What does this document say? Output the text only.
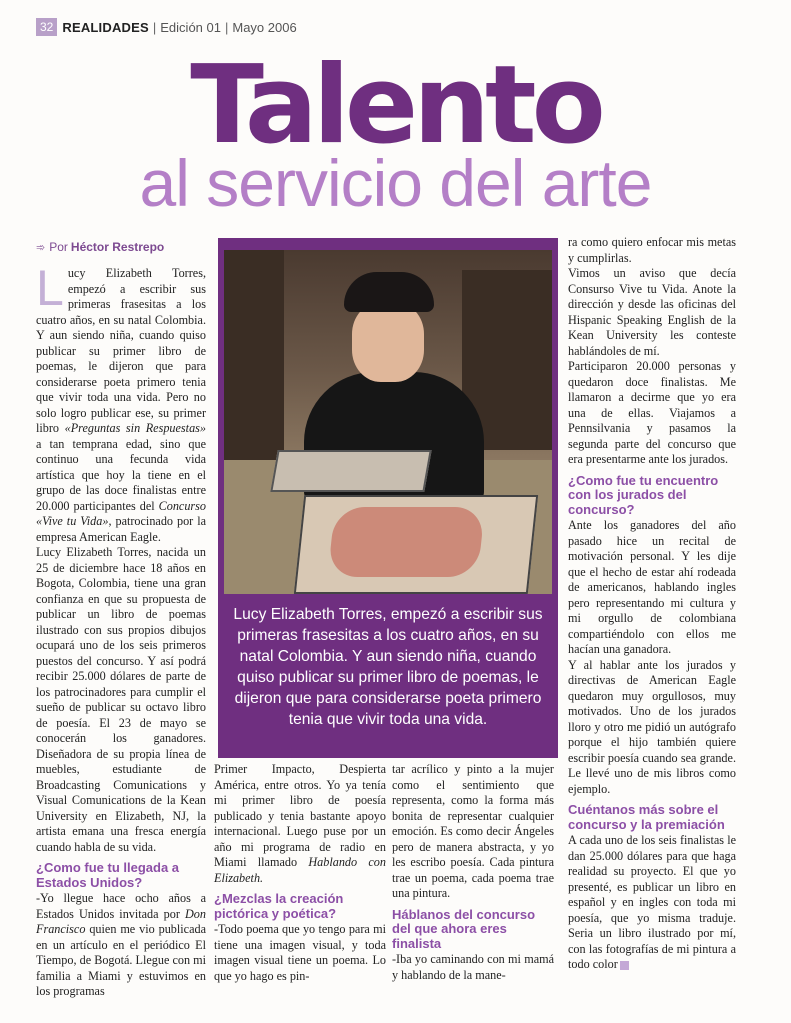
32 REALIDADES | Edición 01 | Mayo 2006
Talento
al servicio del arte
➾ Por Héctor Restrepo

Lucy Elizabeth Torres, empezó a escribir sus primeras frasesitas a los cuatro años, en su natal Colombia. Y aun siendo niña, cuando quiso publicar su primer libro de poemas, le dijeron que para considerarse poeta primero tenia que vivir toda una vida. Pero no solo logro publicar ese, su primer libro «Preguntas sin Respuestas» a tan temprana edad, sino que continuo una fecunda vida artística que hoy la tiene en el grupo de las doce finalistas entre 20.000 participantes del Concurso «Vive tu Vida», patrocinado por la empresa American Eagle.

Lucy Elizabeth Torres, nacida un 25 de diciembre hace 18 años en Bogota, Colombia, tiene una gran confianza en que su propuesta de publicar un libro de poemas ilustrado con sus propios dibujos ocupará uno de los seis primeros puestos del concurso. Y así podrá recibir 25.000 dólares de parte de los patrocinadores para cumplir el sueño de publicar su octavo libro de poesía. El 23 de mayo se conocerán los ganadores. Diseñadora de su propia línea de muebles, estudiante de Broadcasting Comunications y Visual Comunications de la Kean University en Elizabeth, NJ, la artista emana una fresca energía cuando habla de su vida.

¿Como fue tu llegada a Estados Unidos?

-Yo llegue hace ocho años a Estados Unidos invitada por Don Francisco quien me vio publicada en un artículo en el periódico El Tiempo, de Bogotá. Llegue con mi familia a Miami y estuvimos en los programas

Lucy Elizabeth Torres, empezó a escribir sus primeras frasesitas a los cuatro años, en su natal Colombia. Y aun siendo niña, cuando quiso publicar su primer libro de poemas, le dijeron que para considerarse poeta primero tenia que vivir toda una vida.

Primer Impacto, Despierta América, entre otros. Yo ya tenía mi primer libro de poesía publicado y tenia bastante apoyo internacional. Luego puse por un año mi programa de radio en Miami llamado Hablando con Elizabeth.

¿Mezclas la creación pictórica y poética?

-Todo poema que yo tengo para mi tiene una imagen visual, y toda imagen visual tiene un poema. Lo que yo hago es pin-

tar acrílico y pinto a la mujer como el sentimiento que representa, como la forma más bonita de representar cualquier emoción. Es como decir Ángeles pero de manera abstracta, y yo les escribo poesía. Cada pintura trae un poema, cada poema trae una pintura.

Háblanos del concurso del que ahora eres finalista

-Iba yo caminando con mi mamá y hablando de la mane-

ra como quiero enfocar mis metas y cumplirlas.

Vimos un aviso que decía Consurso Vive tu Vida. Anote la dirección y desde las oficinas del Hispanic Speaking English de la Kean University les conteste hablándoles de mí.

Participaron 20.000 personas y quedaron doce finalistas. Me llamaron a decirme que yo era una de ellas. Viajamos a Pennsilvania y pasamos la segunda parte del concurso que era presentarme ante los jurados.

¿Como fue tu encuentro con los jurados del concurso?

Ante los ganadores del año pasado hice un recital de motivación personal. Y les dije que el hecho de estar ahí rodeada de americanos, hablando ingles pero representando mi cultura y mi orgullo de colombiana compartiéndolo con ellos me hacían una ganadora.

Y al hablar ante los jurados y directivas de American Eagle quedaron muy orgullosos, muy motivados. Uno de los jurados lloro y otro me pidió un autógrafo porque el hijo también quiere escribir poesía cuando sea grande. Le llevé uno de mis libros como ejemplo.

Cuéntanos más sobre el concurso y la premiación

A cada uno de los seis finalistas le dan 25.000 dólares para que haga realidad su proyecto. El que yo presenté, es publicar un libro en español y en ingles con toda mi poesía, que yo misma traduje. Seria un libro ilustrado por mí, con las fotografías de mi pintura a todo color
